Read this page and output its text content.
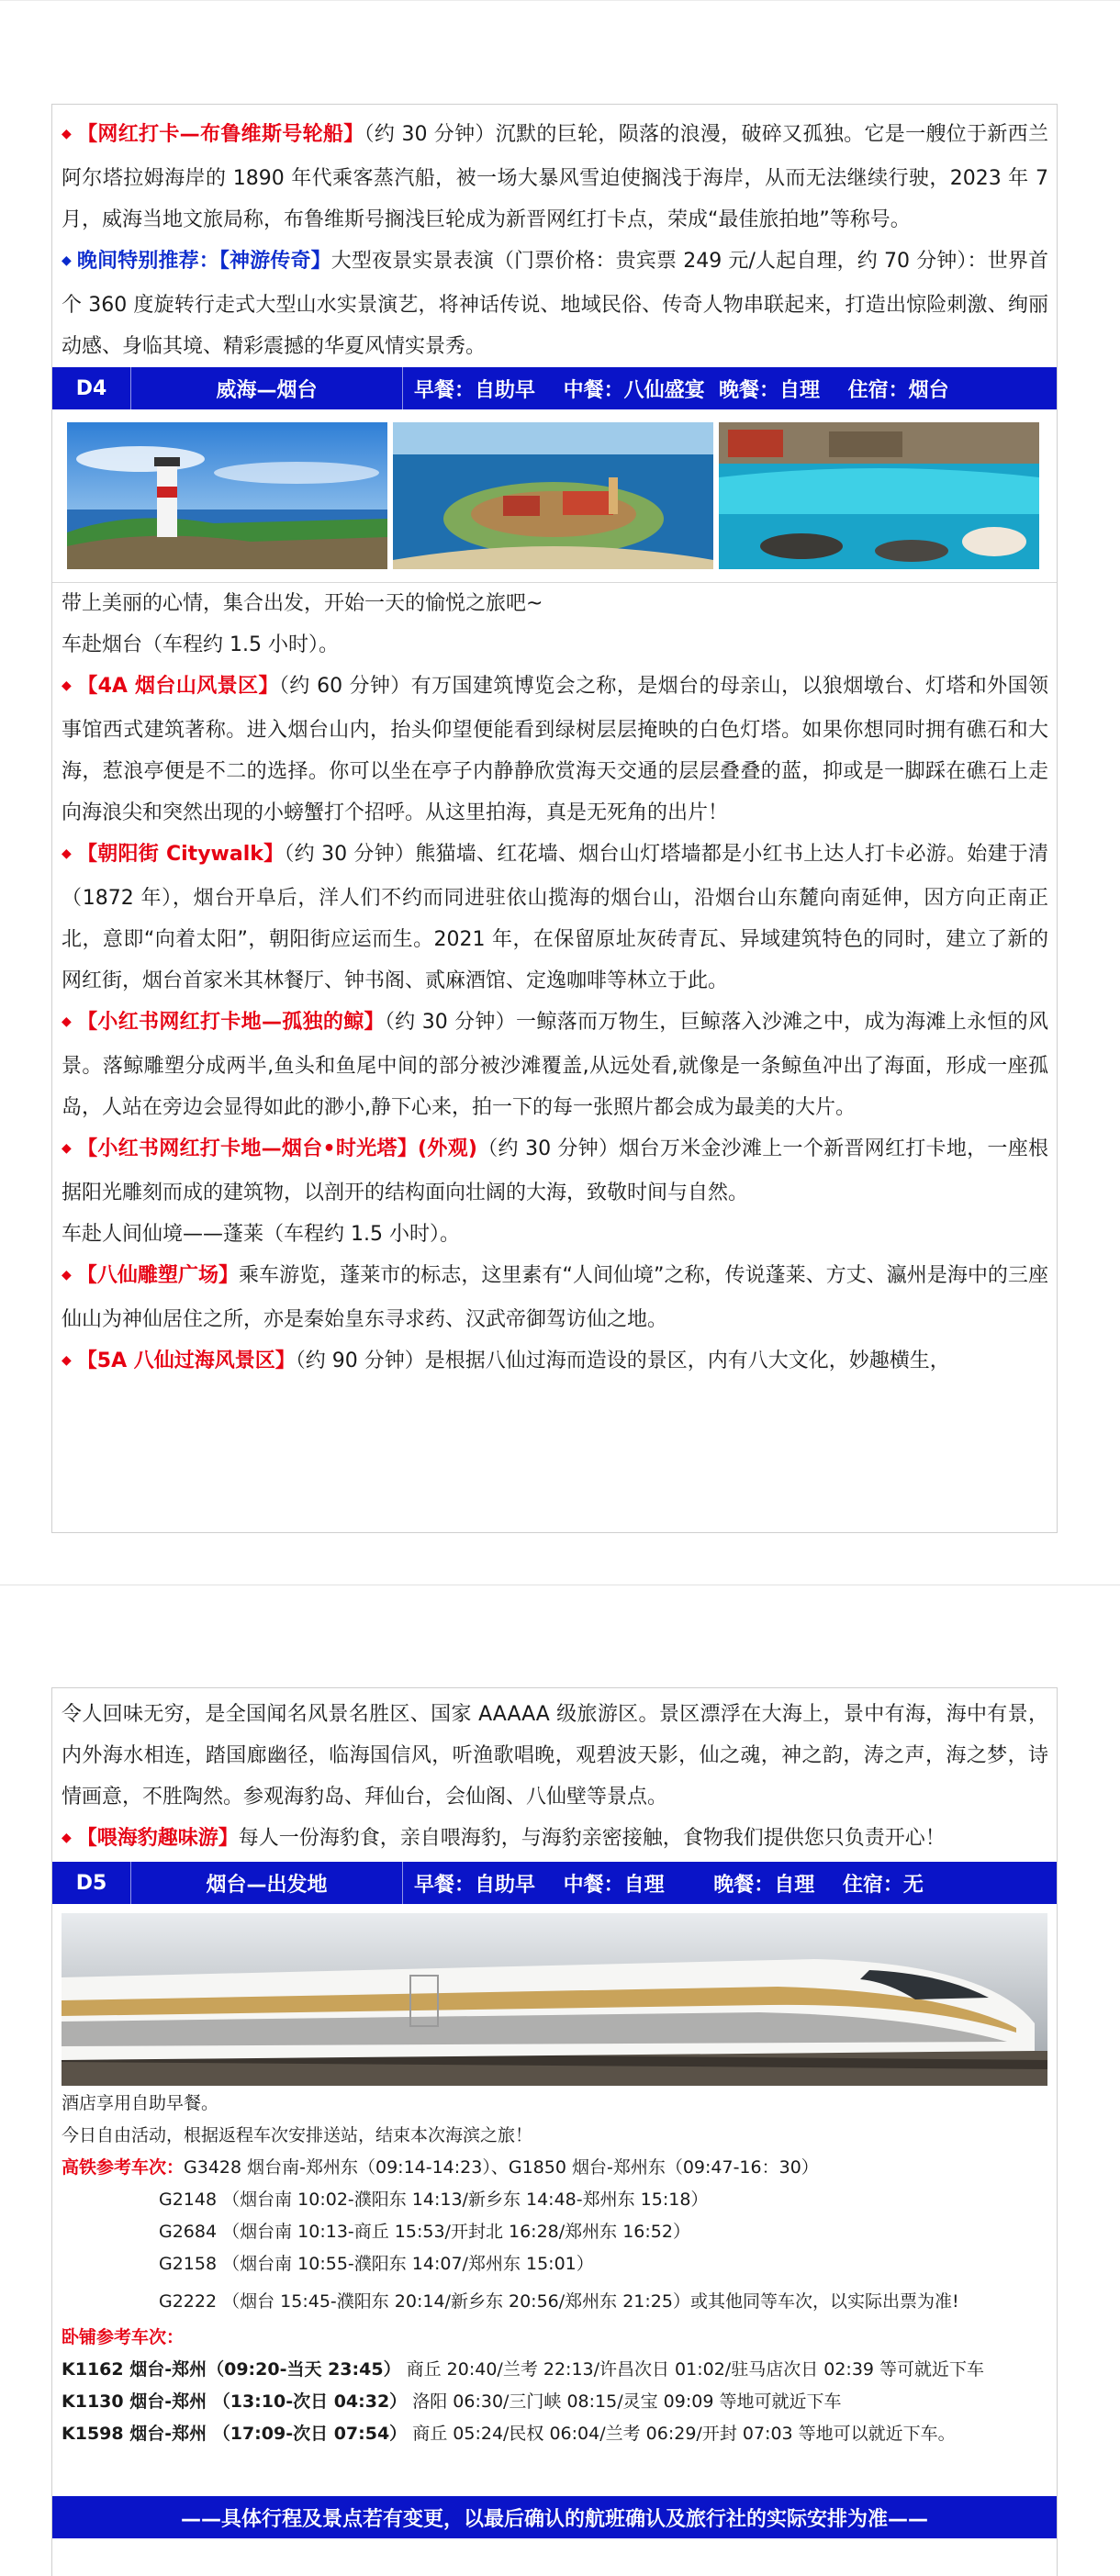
◆ 【网红打卡—布鲁维斯号轮船】（约 30 分钟）沉默的巨轮，陨落的浪漫，破碎又孤独。它是一艘位于新西兰阿尔塔拉姆海岸的 1890 年代乘客蒸汽船，被一场大暴风雪迫使搁浅于海岸，从而无法继续行驶，2023 年 7 月，威海当地文旅局称，布鲁维斯号搁浅巨轮成为新晋网红打卡点，荣成“最佳旅拍地”等称号。

◆ 晚间特别推荐：【神游传奇】大型夜景实景表演（门票价格：贵宾票 249 元/人起自理，约 70 分钟）：世界首个 360 度旋转行走式大型山水实景演艺，将神话传说、地域民俗、传奇人物串联起来，打造出惊险刺激、绚丽动感、身临其境、精彩震撼的华夏风情实景秀。

D4	威海—烟台	早餐：自助早    中餐：八仙盛宴  晚餐：自理    住宿：烟台

带上美丽的心情，集合出发，开始一天的愉悦之旅吧~

车赴烟台（车程约 1.5 小时）。

◆ 【4A 烟台山风景区】（约 60 分钟）有万国建筑博览会之称，是烟台的母亲山，以狼烟墩台、灯塔和外国领事馆西式建筑著称。进入烟台山内，抬头仰望便能看到绿树层层掩映的白色灯塔。如果你想同时拥有礁石和大海，惹浪亭便是不二的选择。你可以坐在亭子内静静欣赏海天交通的层层叠叠的蓝，抑或是一脚踩在礁石上走向海浪尖和突然出现的小螃蟹打个招呼。从这里拍海，真是无死角的出片！

◆ 【朝阳街 Citywalk】（约 30 分钟）熊猫墙、红花墙、烟台山灯塔墙都是小红书上达人打卡必游。始建于清（1872 年），烟台开阜后，洋人们不约而同进驻依山揽海的烟台山，沿烟台山东麓向南延伸，因方向正南正北，意即“向着太阳”，朝阳街应运而生。2021 年，在保留原址灰砖青瓦、异域建筑特色的同时，建立了新的网红街，烟台首家米其林餐厅、钟书阁、贰麻酒馆、定逸咖啡等林立于此。

◆ 【小红书网红打卡地—孤独的鲸】（约 30 分钟）一鲸落而万物生，巨鲸落入沙滩之中，成为海滩上永恒的风景。落鲸雕塑分成两半,鱼头和鱼尾中间的部分被沙滩覆盖,从远处看,就像是一条鲸鱼冲出了海面，形成一座孤岛，人站在旁边会显得如此的渺小,静下心来，拍一下的每一张照片都会成为最美的大片。

◆ 【小红书网红打卡地—烟台•时光塔】(外观)（约 30 分钟）烟台万米金沙滩上一个新晋网红打卡地，一座根据阳光雕刻而成的建筑物，以剖开的结构面向壮阔的大海，致敬时间与自然。

车赴人间仙境——蓬莱（车程约 1.5 小时）。

◆ 【八仙雕塑广场】乘车游览，蓬莱市的标志，这里素有“人间仙境”之称，传说蓬莱、方丈、瀛州是海中的三座仙山为神仙居住之所，亦是秦始皇东寻求药、汉武帝御驾访仙之地。

◆ 【5A 八仙过海风景区】（约 90 分钟）是根据八仙过海而造设的景区，内有八大文化，妙趣横生，

令人回味无穷，是全国闻名风景名胜区、国家 AAAAA 级旅游区。景区漂浮在大海上，景中有海，海中有景，内外海水相连，踏国廊幽径，临海国信风，听渔歌唱晚，观碧波天影，仙之魂，神之韵，涛之声，海之梦，诗情画意，不胜陶然。参观海豹岛、拜仙台，会仙阁、八仙壁等景点。

◆ 【喂海豹趣味游】每人一份海豹食，亲自喂海豹，与海豹亲密接触，食物我们提供您只负责开心！

D5	烟台—出发地	早餐：自助早    中餐：自理       晚餐：自理    住宿：无

酒店享用自助早餐。

今日自由活动，根据返程车次安排送站，结束本次海滨之旅！

高铁参考车次：G3428 烟台南-郑州东（09:14-14:23）、G1850 烟台-郑州东（09:47-16：30）
G2148 （烟台南 10:02-濮阳东 14:13/新乡东 14:48-郑州东 15:18）
G2684 （烟台南 10:13-商丘 15:53/开封北 16:28/郑州东 16:52）
G2158 （烟台南 10:55-濮阳东 14:07/郑州东 15:01）
G2222 （烟台 15:45-濮阳东 20:14/新乡东 20:56/郑州东 21:25）或其他同等车次，以实际出票为准!
卧铺参考车次：
K1162 烟台-郑州（09:20-当天 23:45） 商丘 20:40/兰考 22:13/许昌次日 01:02/驻马店次日 02:39 等可就近下车
K1130 烟台-郑州 （13:10-次日 04:32） 洛阳 06:30/三门峡 08:15/灵宝 09:09 等地可就近下车
K1598 烟台-郑州 （17:09-次日 07:54） 商丘 05:24/民权 06:04/兰考 06:29/开封 07:03 等地可以就近下车。
——具体行程及景点若有变更，以最后确认的航班确认及旅行社的实际安排为准——
